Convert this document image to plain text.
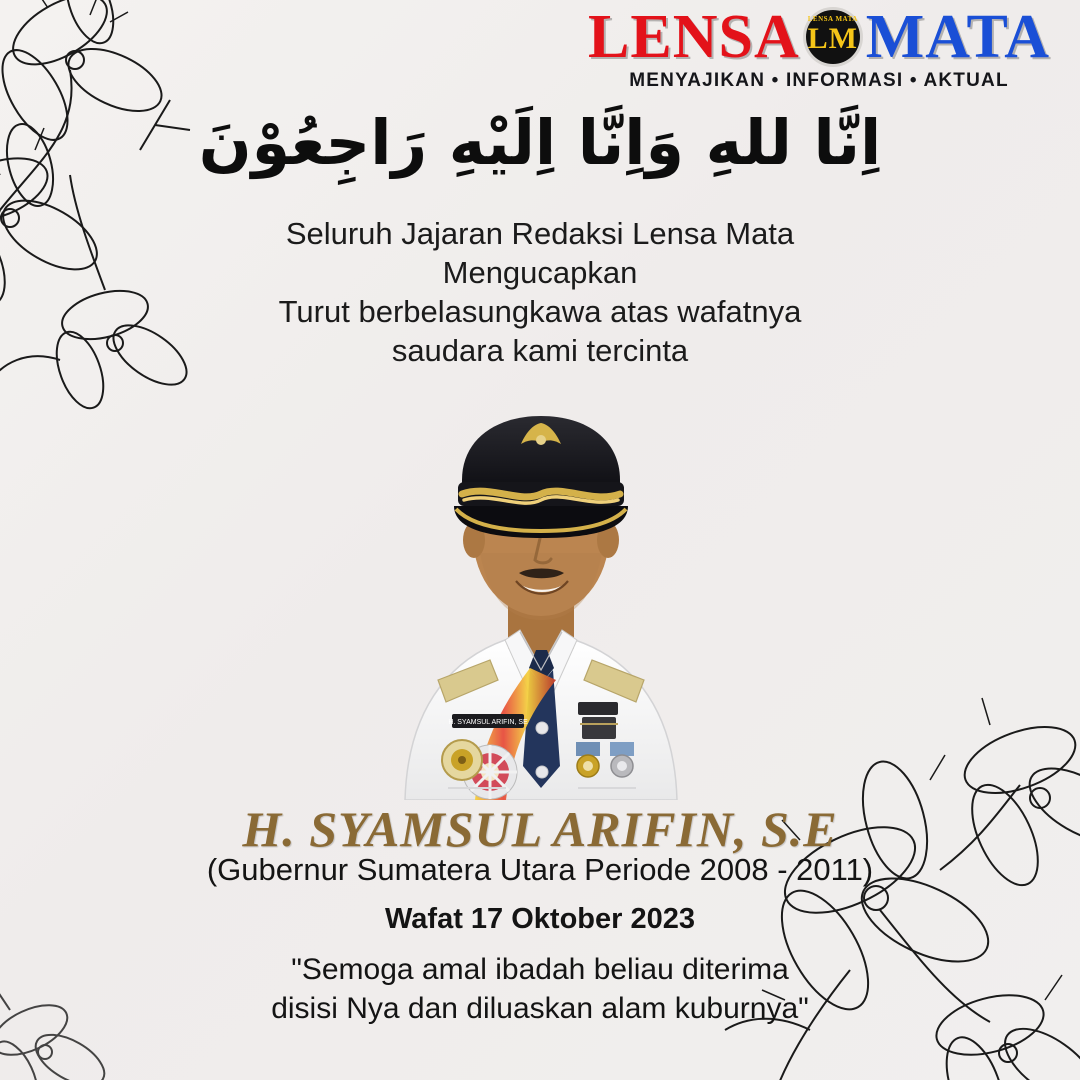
LENSA LENSA MATA
LM MATA
MENYAJIKAN • INFORMASI • AKTUAL
اِنَّا للهِ وَاِنَّا اِلَيْهِ رَاجِعُوْنَ
Seluruh Jajaran Redaksi Lensa Mata
Mengucapkan
Turut berbelasungkawa atas wafatnya
saudara kami tercinta
H. SYAMSUL ARIFIN, SE
H. SYAMSUL ARIFIN, S.E
(Gubernur Sumatera Utara Periode 2008 - 2011)
Wafat 17 Oktober 2023
"Semoga amal ibadah beliau diterima
disisi Nya dan diluaskan alam kuburnya"
